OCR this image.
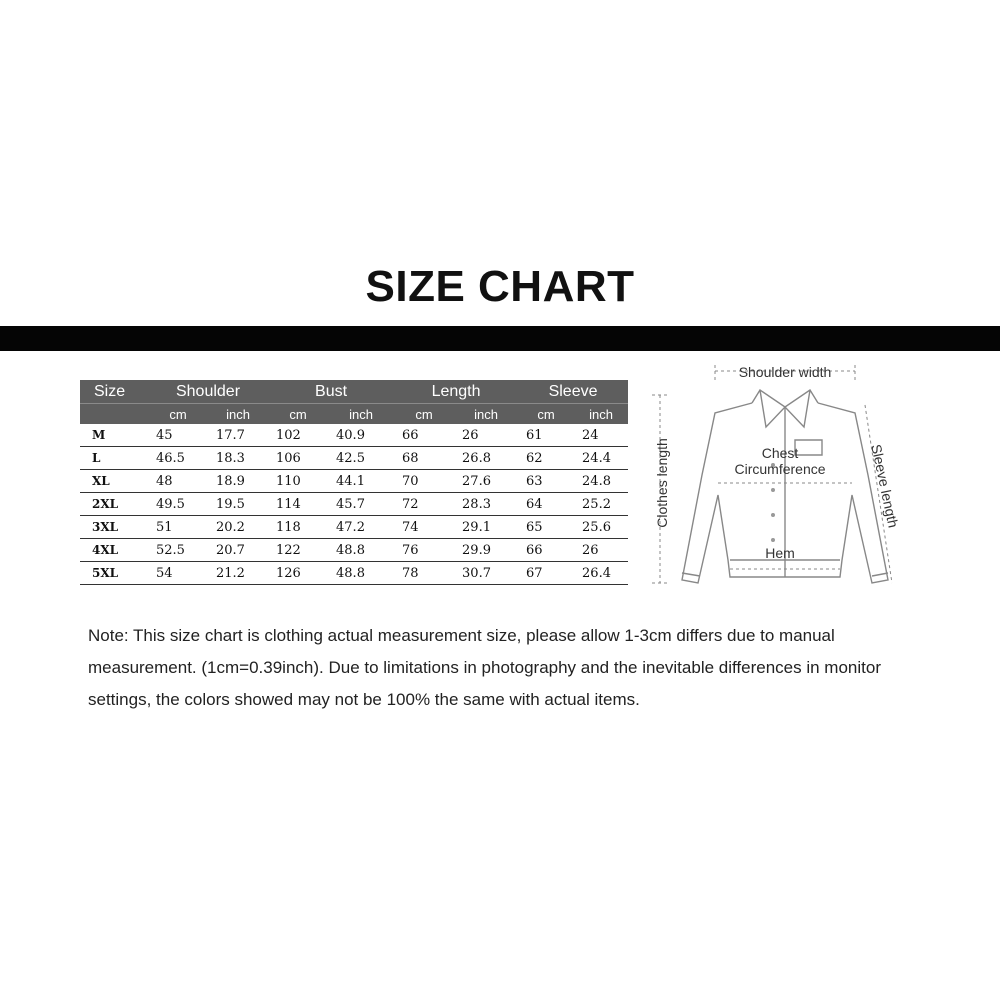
SIZE CHART
Size	Shoulder		Bust		Length		Sleeve	
	cm	inch	cm	inch	cm	inch	cm	inch
M	45	17.7	102	40.9	66	26	61	24
L	46.5	18.3	106	42.5	68	26.8	62	24.4
XL	48	18.9	110	44.1	70	27.6	63	24.8
2XL	49.5	19.5	114	45.7	72	28.3	64	25.2
3XL	51	20.2	118	47.2	74	29.1	65	25.6
4XL	52.5	20.7	122	48.8	76	29.9	66	26
5XL	54	21.2	126	48.8	78	30.7	67	26.4
Shoulder width
Chest
Circumference
Hem
Clothes length	Sleeve length
Note: This size chart is clothing actual measurement size, please allow 1-3cm differs due to manual measurement. (1cm=0.39inch). Due to limitations in photography and the inevitable differences in monitor settings, the colors showed may not be 100% the same with actual items.
